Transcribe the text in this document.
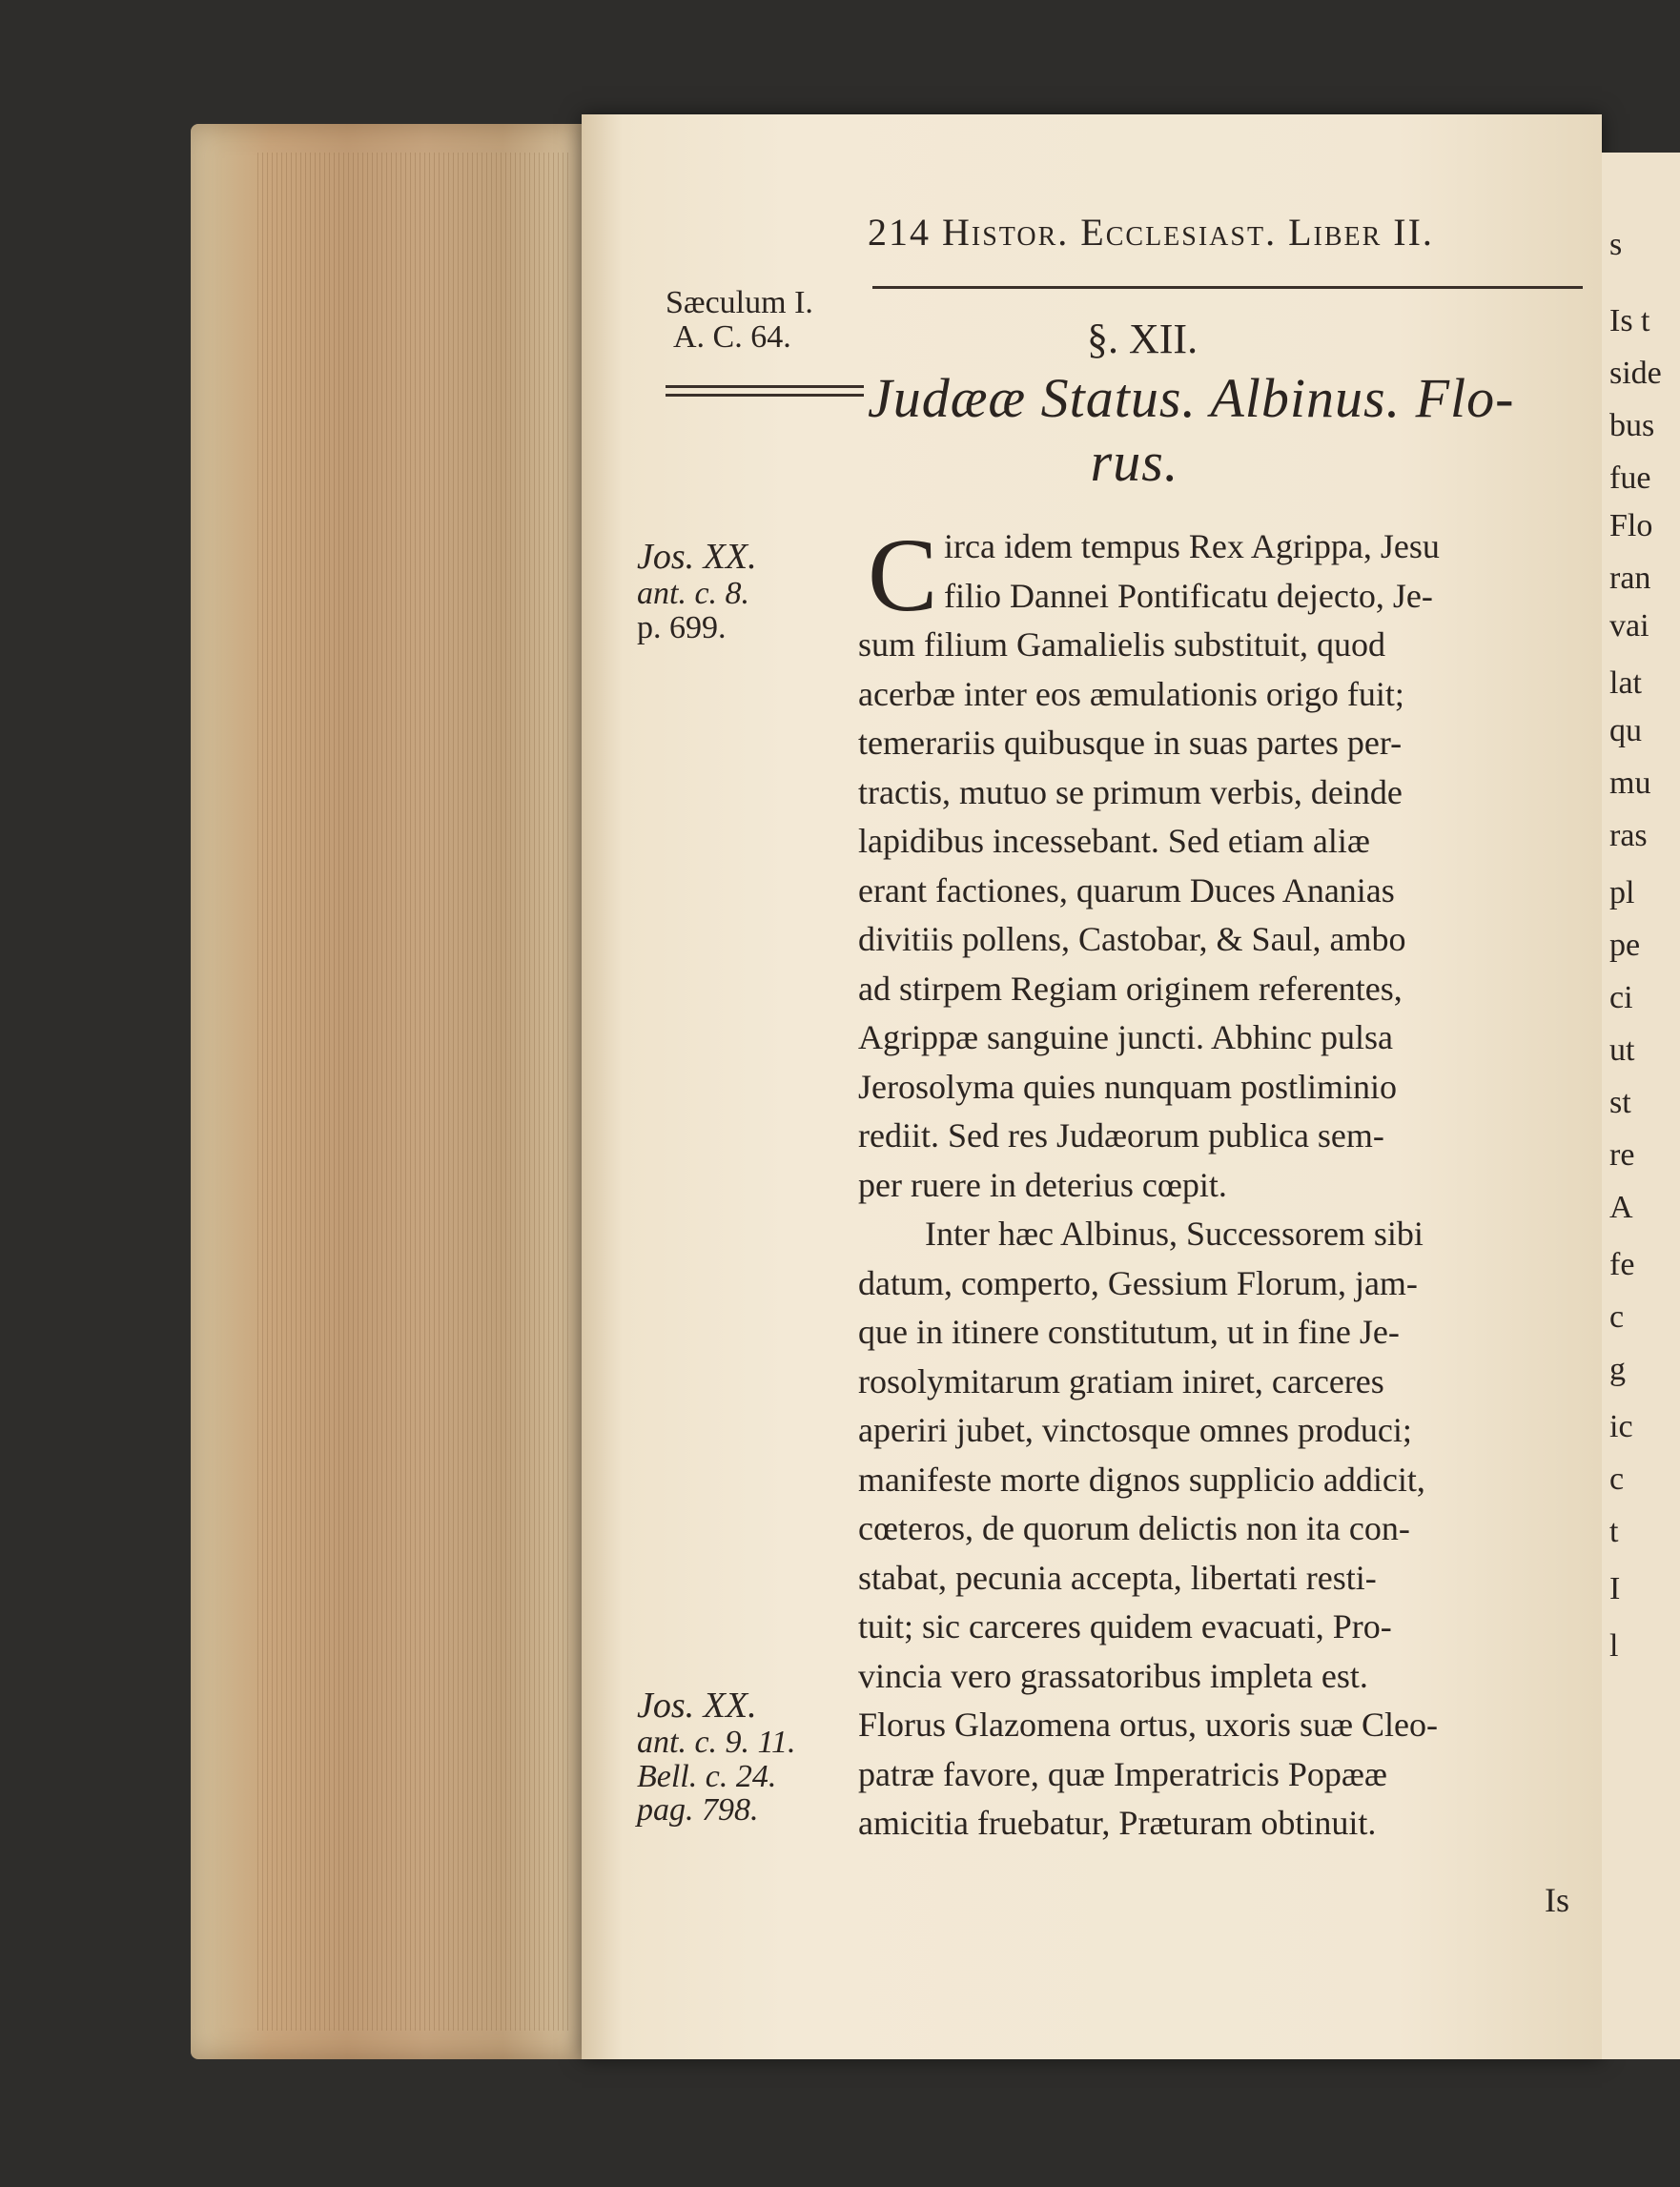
s
Is t
side
bus
fue
Flo
ran
vai
lat
qu
mu
ras
pl
pe
ci
ut
st
re
A
fe
c
g
ic
c
t
I
l
214 Histor. Ecclesiast. Liber II.
Sæculum I.
A. C. 64.	§. XII.
Judææ Status. Albinus. Flo-
rus.
Jos. XX.
ant. c. 8.
p. 699.
Jos. XX.
ant. c. 9. 11.
Bell. c. 24.
pag. 798.
C irca idem tempus Rex Agrippa, Jesu
filio Dannei Pontificatu dejecto, Je-
sum filium Gamalielis substituit, quod
acerbæ inter eos æmulationis origo fuit;
temerariis quibusque in suas partes per-
tractis, mutuo se primum verbis, deinde
lapidibus incessebant. Sed etiam aliæ
erant factiones, quarum Duces Ananias
divitiis pollens, Castobar, & Saul, ambo
ad stirpem Regiam originem referentes,
Agrippæ sanguine juncti. Abhinc pulsa
Jerosolyma quies nunquam postliminio
rediit. Sed res Judæorum publica sem-
per ruere in deterius cœpit.
Inter hæc Albinus, Successorem sibi
datum, comperto, Gessium Florum, jam-
que in itinere constitutum, ut in fine Je-
rosolymitarum gratiam iniret, carceres
aperiri jubet, vinctosque omnes produci;
manifeste morte dignos supplicio addicit,
cœteros, de quorum delictis non ita con-
stabat, pecunia accepta, libertati resti-
tuit; sic carceres quidem evacuati, Pro-
vincia vero grassatoribus impleta est.
Florus Glazomena ortus, uxoris suæ Cleo-
patræ favore, quæ Imperatricis Popææ
amicitia fruebatur, Præturam obtinuit.
Is
